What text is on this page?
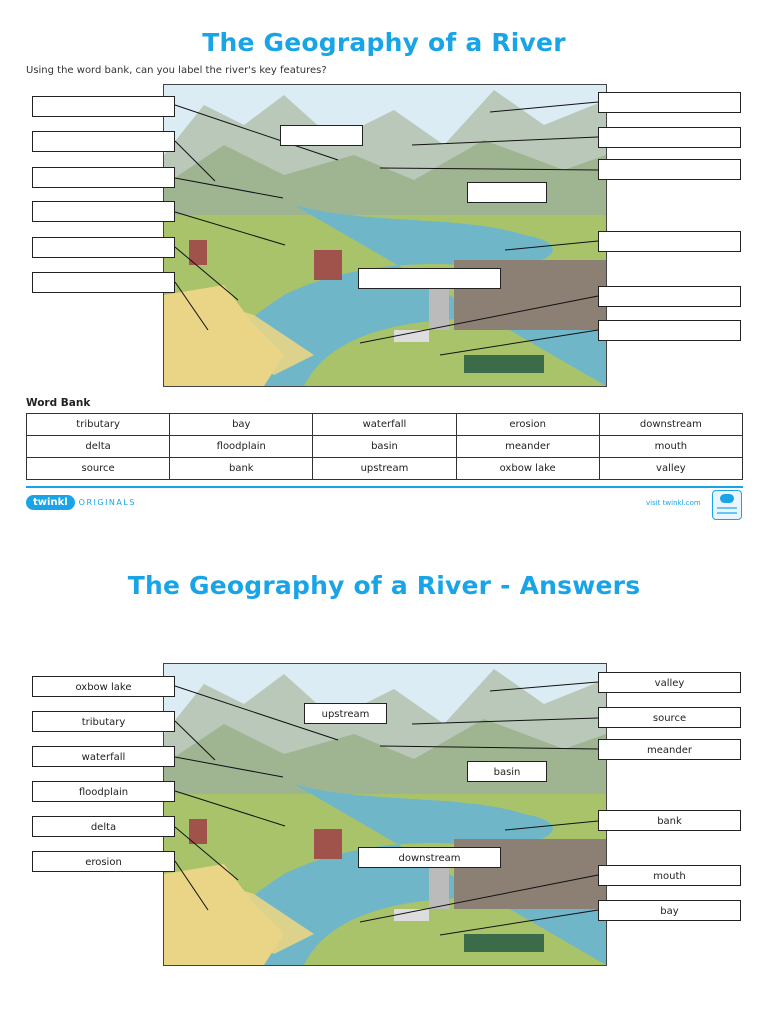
The Geography of a River
Using the word bank, can you label the river's key features?
Word Bank
tributary	bay	waterfall	erosion	downstream
delta	floodplain	basin	meander	mouth
source	bank	upstream	oxbow lake	valley
twinkl	ORIGINALS	visit twinkl.com
The Geography of a River - Answers
oxbow lake
tributary
waterfall
floodplain
delta
erosion
upstream
basin
downstream
valley
source
meander
bank
mouth
bay
